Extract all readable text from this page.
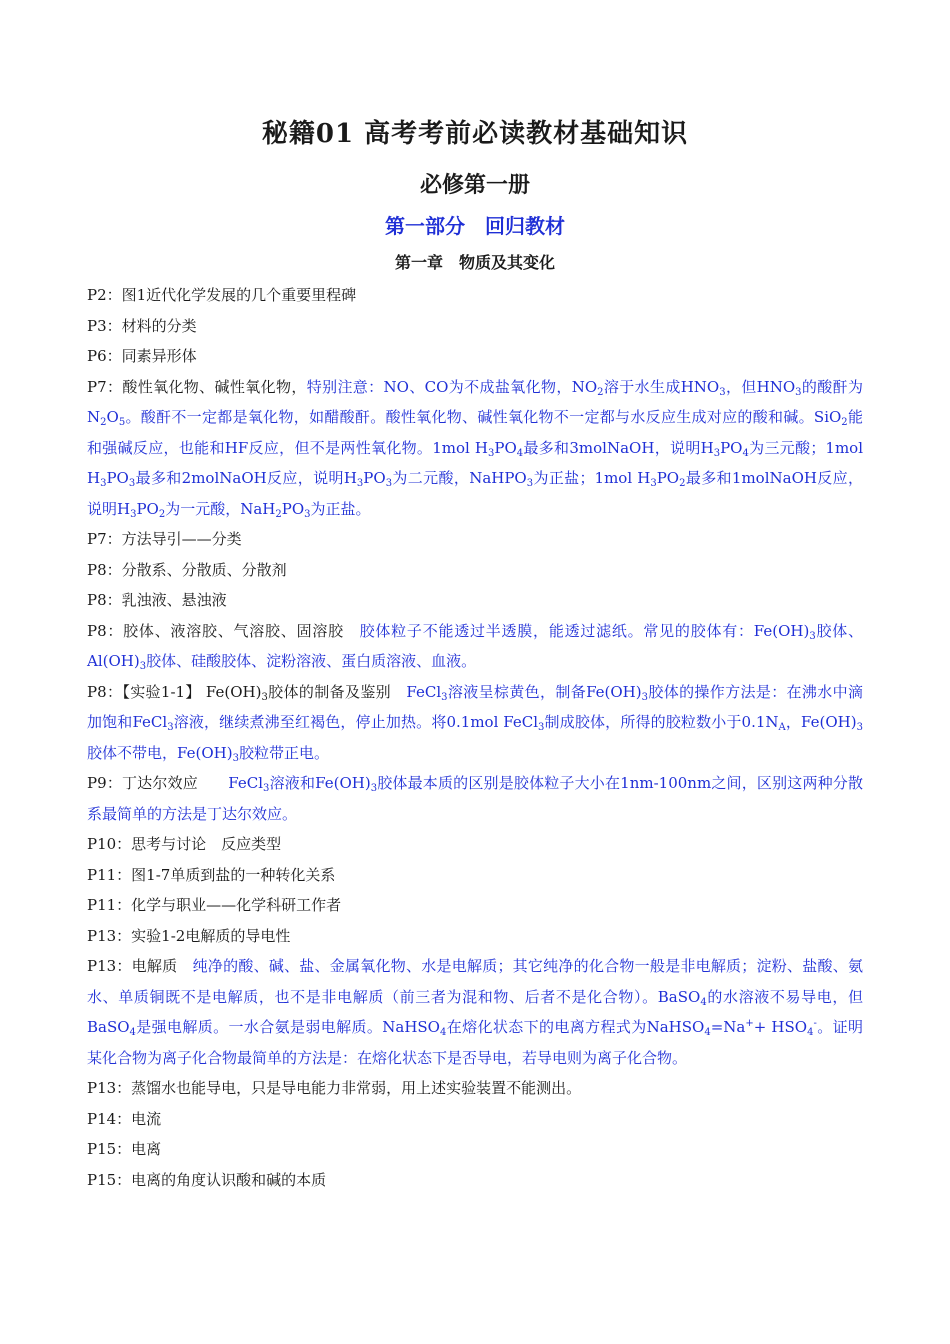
秘籍01 高考考前必读教材基础知识
必修第一册
第一部分　回归教材
第一章　物质及其变化

P2：图1近代化学发展的几个重要里程碑

P3：材料的分类

P6：同素异形体

P7：酸性氧化物、碱性氧化物，特别注意：NO、CO为不成盐氧化物，$NO_2$溶于水生成$HNO_3$，但$HNO_3$的酸酐为$N_2O_5$。酸酐不一定都是氧化物，如醋酸酐。酸性氧化物、碱性氧化物不一定都与水反应生成对应的酸和碱。SiO$_2$能和强碱反应，也能和HF反应，但不是两性氧化物。1mol $H_3PO_4$最多和3molNaOH，说明$H_3PO_4$为三元酸；1mol $H_3PO_3$最多和2molNaOH反应，说明$H_3PO_3$为二元酸，NaHPO$_3$为正盐；1mol $H_3PO_2$最多和1molNaOH反应，说明$H_3PO_2$为一元酸，$NaH_2PO_3$为正盐。

P7：方法导引——分类

P8：分散系、分散质、分散剂

P8：乳浊液、悬浊液

P8：胶体、液溶胶、气溶胶、固溶胶　胶体粒子不能透过半透膜，能透过滤纸。常见的胶体有：$Fe(OH)_3$胶体、$Al(OH)_3$胶体、硅酸胶体、淀粉溶液、蛋白质溶液、血液。

P8：【实验1-1】 $Fe(OH)_3$胶体的制备及鉴别　FeCl$_3$溶液呈棕黄色，制备$Fe(OH)_3$胶体的操作方法是：在沸水中滴加饱和FeCl$_3$溶液，继续煮沸至红褐色，停止加热。将0.1mol FeCl$_3$制成胶体，所得的胶粒数小于$0.1N_A$，$Fe(OH)_3$胶体不带电，$Fe(OH)_3$胶粒带正电。

P9：丁达尔效应　　FeCl$_3$溶液和$Fe(OH)_3$胶体最本质的区别是胶体粒子大小在1nm-100nm之间，区别这两种分散系最简单的方法是丁达尔效应。

P10：思考与讨论　反应类型

P11：图1-7单质到盐的一种转化关系

P11：化学与职业——化学科研工作者

P13：实验1-2电解质的导电性

P13：电解质　纯净的酸、碱、盐、金属氧化物、水是电解质；其它纯净的化合物一般是非电解质；淀粉、盐酸、氨水、单质铜既不是电解质，也不是非电解质（前三者为混和物、后者不是化合物）。BaSO$_4$的水溶液不易导电，但BaSO$_4$是强电解质。一水合氨是弱电解质。NaHSO$_4$在熔化状态下的电离方程式为NaHSO$_4$=Na++ $HSO_4^-$。证明某化合物为离子化合物最简单的方法是：在熔化状态下是否导电，若导电则为离子化合物。

P13：蒸馏水也能导电，只是导电能力非常弱，用上述实验装置不能测出。

P14：电流

P15：电离

P15：电离的角度认识酸和碱的本质
